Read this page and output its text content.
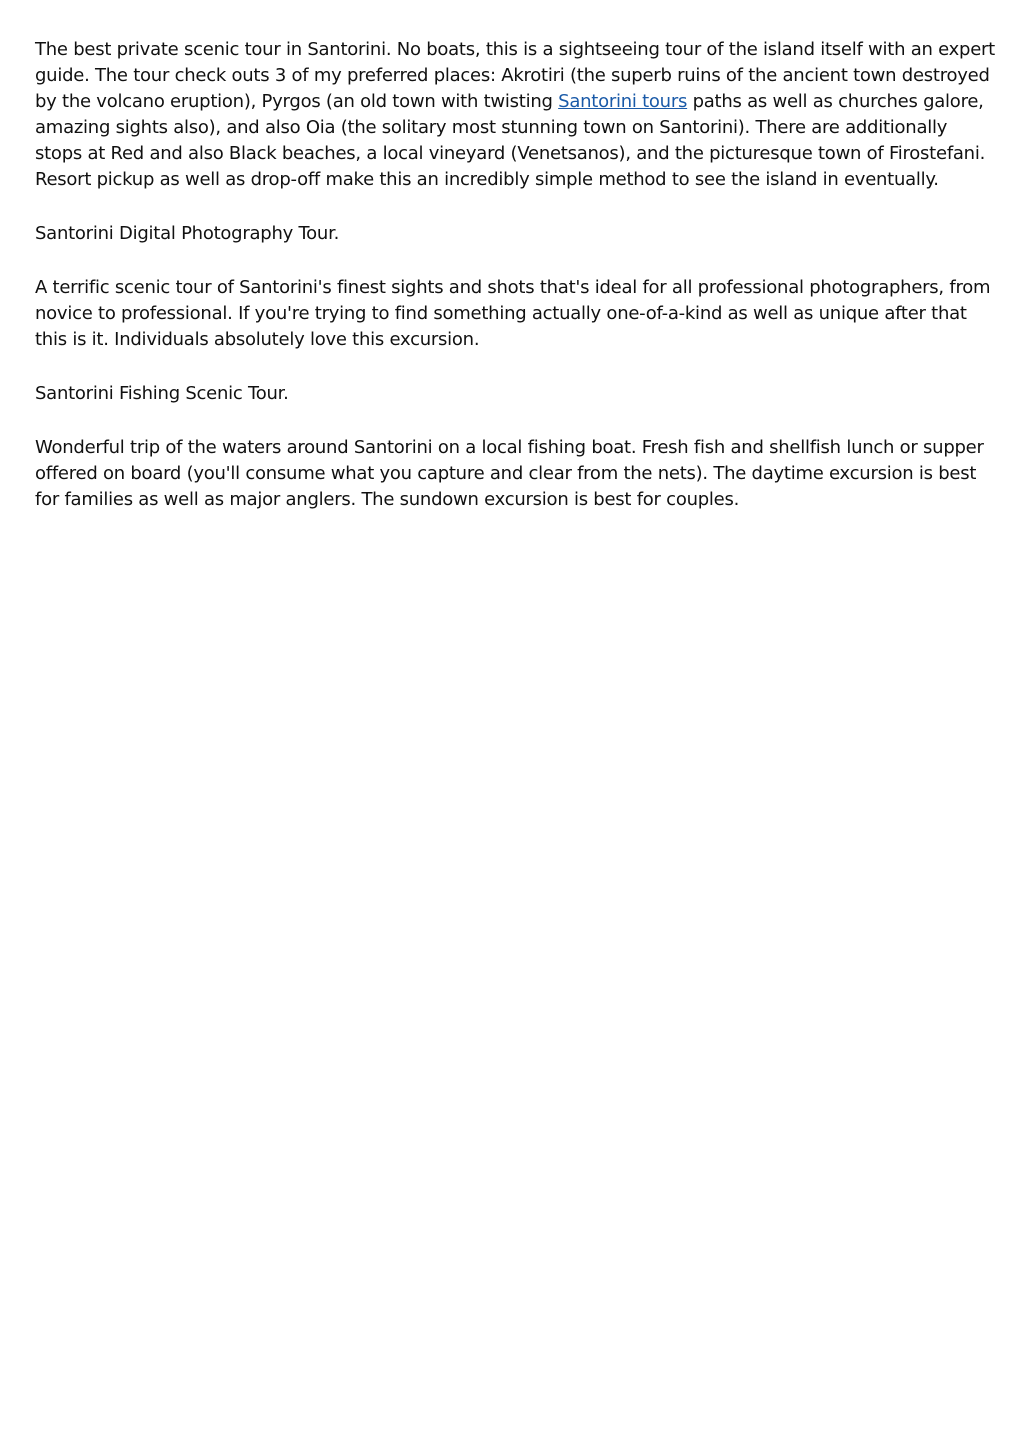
The best private scenic tour in Santorini. No boats, this is a sightseeing tour of the island itself with an expert guide. The tour check outs 3 of my preferred places: Akrotiri (the superb ruins of the ancient town destroyed by the volcano eruption), Pyrgos (an old town with twisting Santorini tours paths as well as churches galore, amazing sights also), and also Oia (the solitary most stunning town on Santorini). There are additionally stops at Red and also Black beaches, a local vineyard (Venetsanos), and the picturesque town of Firostefani. Resort pickup as well as drop-off make this an incredibly simple method to see the island in eventually.

Santorini Digital Photography Tour.

A terrific scenic tour of Santorini's finest sights and shots that's ideal for all professional photographers, from novice to professional. If you're trying to find something actually one-of-a-kind as well as unique after that this is it. Individuals absolutely love this excursion.

Santorini Fishing Scenic Tour.

Wonderful trip of the waters around Santorini on a local fishing boat. Fresh fish and shellfish lunch or supper offered on board (you'll consume what you capture and clear from the nets). The daytime excursion is best for families as well as major anglers. The sundown excursion is best for couples.
